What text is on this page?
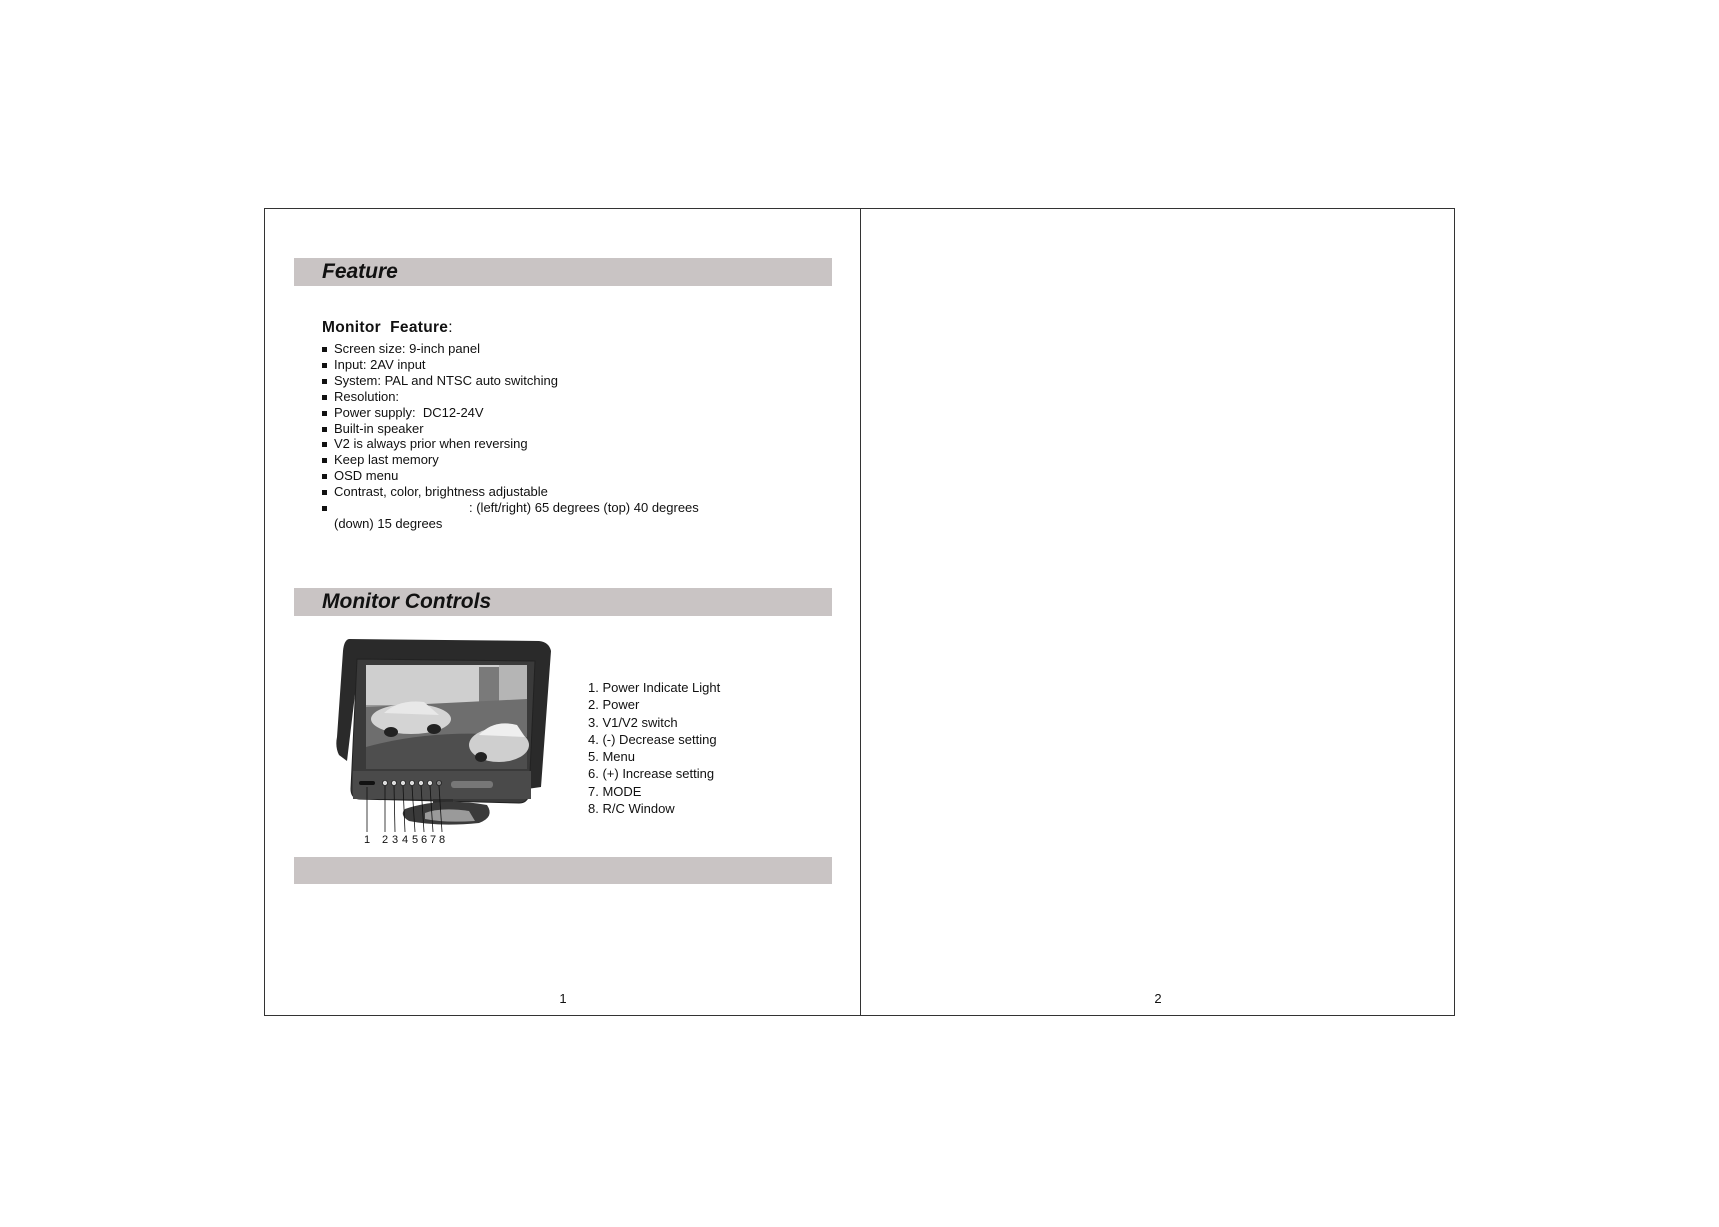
Feature

Monitor  Feature:

Screen size: 9-inch panel
Input: 2AV input
System: PAL and NTSC auto switching
Resolution:
Power supply:  DC12-24V
Built-in speaker
V2 is always prior when reversing
Keep last memory
OSD menu
Contrast, color, brightness adjustable
: (left/right) 65 degrees (top) 40 degrees
(down) 15 degrees
Monitor Controls
1 2 3 4 5 6 7 8
1. Power Indicate Light
2. Power
3. V1/V2 switch
4. (-) Decrease setting
5. Menu
6. (+) Increase setting
7. MODE
8. R/C Window
1	2
